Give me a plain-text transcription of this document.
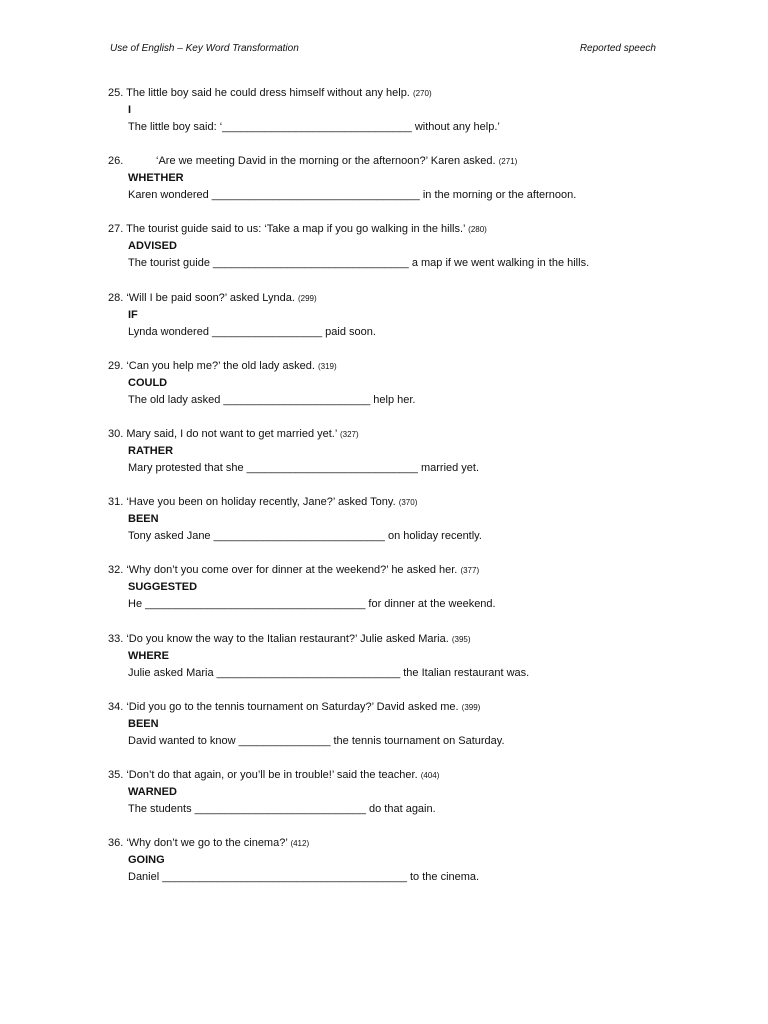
Use of English – Key Word Transformation	Reported speech
25. The little boy said he could dress himself without any help. (270)
I
The little boy said: ‘_______________________________ without any help.’
26.	‘Are we meeting David in the morning or the afternoon?’ Karen asked. (271)
WHETHER
Karen wondered __________________________________ in the morning or the afternoon.
27. The tourist guide said to us: ‘Take a map if you go walking in the hills.’ (280)
ADVISED
The tourist guide ________________________________ a map if we went walking in the hills.
28. ‘Will I be paid soon?’ asked Lynda. (299)
IF
Lynda wondered __________________ paid soon.
29. ‘Can you help me?’ the old lady asked. (319)
COULD
The old lady asked ________________________ help her.
30. Mary said, I do not want to get married yet.’ (327)
RATHER
Mary protested that she ____________________________ married yet.
31. ‘Have you been on holiday recently, Jane?’ asked Tony. (370)
BEEN
Tony asked Jane ____________________________ on holiday recently.
32. ‘Why don’t you come over for dinner at the weekend?’ he asked her. (377)
SUGGESTED
He ____________________________________ for dinner at the weekend.
33. ‘Do you know the way to the Italian restaurant?’ Julie asked Maria. (395)
WHERE
Julie asked Maria ______________________________ the Italian restaurant was.
34. ‘Did you go to the tennis tournament on Saturday?’ David asked me. (399)
BEEN
David wanted to know _______________ the tennis tournament on Saturday.
35. ‘Don’t do that again, or you’ll be in trouble!’ said the teacher. (404)
WARNED
The students ____________________________ do that again.
36. ‘Why don’t we go to the cinema?’ (412)
GOING
Daniel ________________________________________ to the cinema.
